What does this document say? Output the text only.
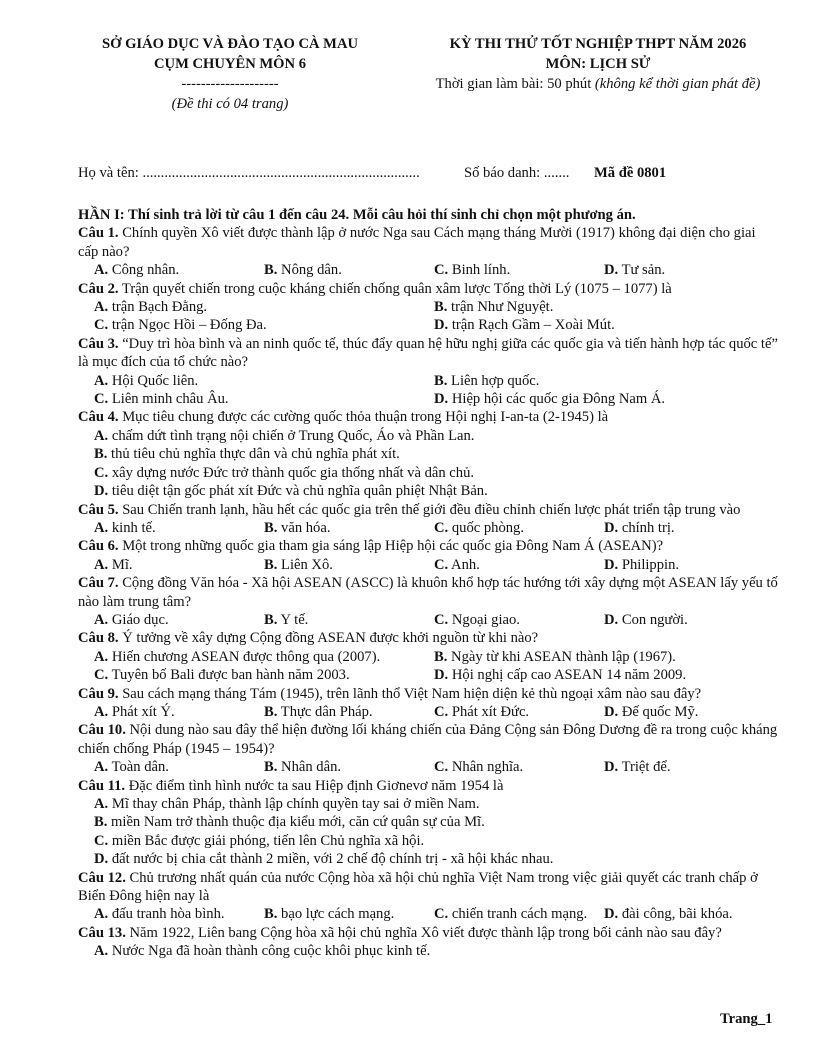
SỞ GIÁO DỤC VÀ ĐÀO TẠO CÀ MAU
CỤM CHUYÊN MÔN 6
--------------------
(Đề thi có 04 trang)
KỲ THI THỬ TỐT NGHIỆP THPT NĂM 2026
MÔN: LỊCH SỬ
Thời gian làm bài: 50 phút (không kể thời gian phát đề)
Họ và tên: ............................................................................	Số báo danh: ....... Mã đề 0801
HẦN I: Thí sinh trả lời từ câu 1 đến câu 24. Mỗi câu hỏi thí sinh chỉ chọn một phương án.
Câu 1. Chính quyền Xô viết được thành lập ở nước Nga sau Cách mạng tháng Mười (1917) không đại diện cho giai cấp nào?
A. Công nhân.	B. Nông dân.	C. Binh lính.	D. Tư sản.
Câu 2. Trận quyết chiến trong cuộc kháng chiến chống quân xâm lược Tống thời Lý (1075 – 1077) là
A. trận Bạch Đằng.	B. trận Như Nguyệt.
C. trận Ngọc Hồi – Đống Đa.	D. trận Rạch Gầm – Xoài Mút.
Câu 3. “Duy trì hòa bình và an ninh quốc tế, thúc đẩy quan hệ hữu nghị giữa các quốc gia và tiến hành hợp tác quốc tế” là mục đích của tổ chức nào?
A. Hội Quốc liên.	B. Liên hợp quốc.
C. Liên minh châu Âu.	D. Hiệp hội các quốc gia Đông Nam Á.
Câu 4. Mục tiêu chung được các cường quốc thỏa thuận trong Hội nghị I-an-ta (2-1945) là
A. chấm dứt tình trạng nội chiến ở Trung Quốc, Áo và Phần Lan.
B. thủ tiêu chủ nghĩa thực dân và chủ nghĩa phát xít.
C. xây dựng nước Đức trở thành quốc gia thống nhất và dân chủ.
D. tiêu diệt tận gốc phát xít Đức và chủ nghĩa quân phiệt Nhật Bản.
Câu 5. Sau Chiến tranh lạnh, hầu hết các quốc gia trên thế giới đều điều chỉnh chiến lược phát triển tập trung vào
A. kinh tế.	B. văn hóa.	C. quốc phòng.	D. chính trị.
Câu 6. Một trong những quốc gia tham gia sáng lập Hiệp hội các quốc gia Đông Nam Á (ASEAN)?
A. Mĩ.	B. Liên Xô.	C. Anh.	D. Philippin.
Câu 7. Cộng đồng Văn hóa - Xã hội ASEAN (ASCC) là khuôn khổ hợp tác hướng tới xây dựng một ASEAN lấy yếu tố nào làm trung tâm?
A. Giáo dục.	B. Y tế.	C. Ngoại giao.	D. Con người.
Câu 8. Ý tưởng về xây dựng Cộng đồng ASEAN được khởi nguồn từ khi nào?
A. Hiến chương ASEAN được thông qua (2007).	B. Ngày từ khi ASEAN thành lập (1967).
C. Tuyên bố Bali được ban hành năm 2003.	D. Hội nghị cấp cao ASEAN 14 năm 2009.
Câu 9. Sau cách mạng tháng Tám (1945), trên lãnh thổ Việt Nam hiện diện kẻ thù ngoại xâm nào sau đây?
A. Phát xít Ý.	B. Thực dân Pháp.	C. Phát xít Đức.	D. Đế quốc Mỹ.
Câu 10. Nội dung nào sau đây thể hiện đường lối kháng chiến của Đảng Cộng sản Đông Dương đề ra trong cuộc kháng chiến chống Pháp (1945 – 1954)?
A. Toàn dân.	B. Nhân dân.	C. Nhân nghĩa.	D. Triệt để.
Câu 11. Đặc điểm tình hình nước ta sau Hiệp định Giơnevơ năm 1954 là
A. Mĩ thay chân Pháp, thành lập chính quyền tay sai ở miền Nam.
B. miền Nam trở thành thuộc địa kiểu mới, căn cứ quân sự của Mĩ.
C. miền Bắc được giải phóng, tiến lên Chủ nghĩa xã hội.
D. đất nước bị chia cắt thành 2 miền, với 2 chế độ chính trị - xã hội khác nhau.
Câu 12. Chủ trương nhất quán của nước Cộng hòa xã hội chủ nghĩa Việt Nam trong việc giải quyết các tranh chấp ở Biển Đông hiện nay là
A. đấu tranh hòa bình.	B. bạo lực cách mạng.	C. chiến tranh cách mạng.	D. đài công, bãi khóa.
Câu 13. Năm 1922, Liên bang Cộng hòa xã hội chủ nghĩa Xô viết được thành lập trong bối cảnh nào sau đây?
A. Nước Nga đã hoàn thành công cuộc khôi phục kinh tế.
Trang_1
